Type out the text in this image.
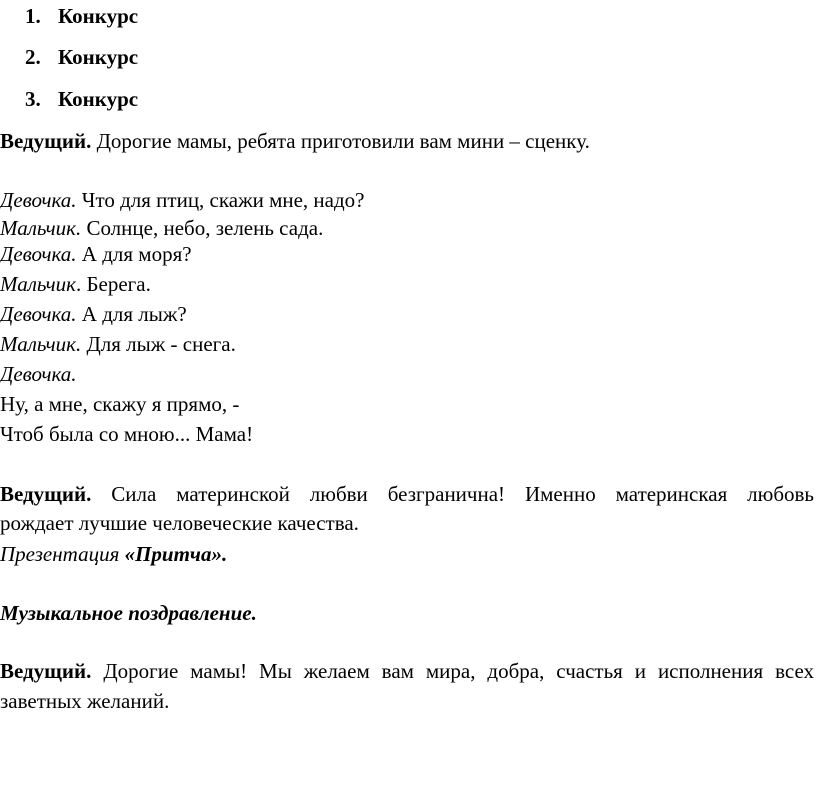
1. Конкурс
2. Конкурс
3. Конкурс
Ведущий. Дорогие мамы, ребята приготовили вам мини – сценку.
Девочка. Что для птиц, скажи мне, надо?
Мальчик. Солнце, небо, зелень сада.
Девочка. А для моря?
Мальчик. Берега.
Девочка. А для лыж?
Мальчик. Для лыж - снега.
Девочка.
Ну, а мне, скажу я прямо, -
Чтоб была со мною... Мама!
Ведущий. Сила материнской любви безгранична! Именно материнская любовь
рождает лучшие человеческие качества.
Презентация «Притча».
Музыкальное поздравление.
Ведущий. Дорогие мамы! Мы желаем вам мира, добра, счастья и исполнения всех
заветных желаний.
